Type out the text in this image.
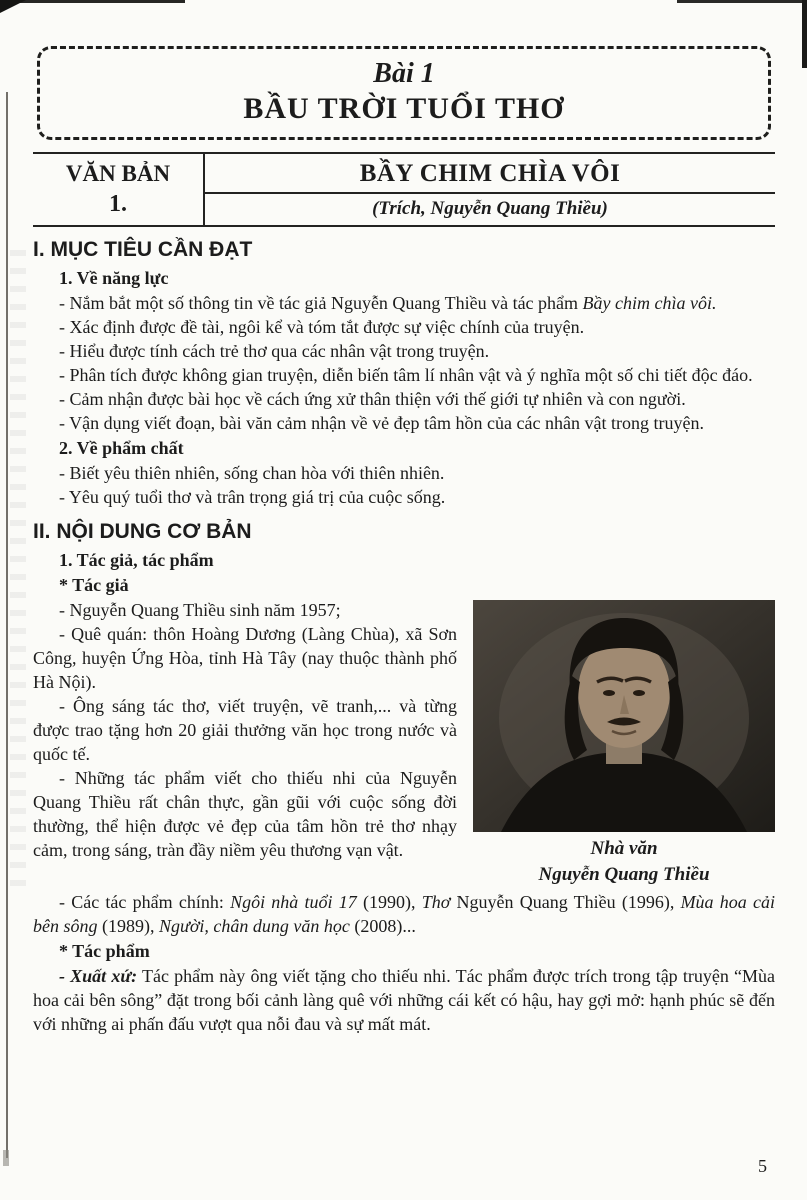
Bài 1
BẦU TRỜI TUỔI THƠ
VĂN BẢN
1.
BẦY CHIM CHÌA VÔI
(Trích, Nguyễn Quang Thiều)
I. MỤC TIÊU CẦN ĐẠT
1. Về năng lực

- Nắm bắt một số thông tin về tác giả Nguyễn Quang Thiều và tác phẩm Bầy chim chìa vôi.

- Xác định được đề tài, ngôi kể và tóm tắt được sự việc chính của truyện.

- Hiểu được tính cách trẻ thơ qua các nhân vật trong truyện.

- Phân tích được không gian truyện, diễn biến tâm lí nhân vật và ý nghĩa một số chi tiết độc đáo.

- Cảm nhận được bài học về cách ứng xử thân thiện với thế giới tự nhiên và con người.

- Vận dụng viết đoạn, bài văn cảm nhận về vẻ đẹp tâm hồn của các nhân vật trong truyện.

2. Về phẩm chất

- Biết yêu thiên nhiên, sống chan hòa với thiên nhiên.

- Yêu quý tuổi thơ và trân trọng giá trị của cuộc sống.

II. NỘI DUNG CƠ BẢN
1. Tác giả, tác phẩm
* Tác giả
Nhà văn
Nguyễn Quang Thiều

- Nguyễn Quang Thiều sinh năm 1957;

- Quê quán: thôn Hoàng Dương (Làng Chùa), xã Sơn Công, huyện Ứng Hòa, tỉnh Hà Tây (nay thuộc thành phố Hà Nội).

- Ông sáng tác thơ, viết truyện, vẽ tranh,... và từng được trao tặng hơn 20 giải thưởng văn học trong nước và quốc tế.

- Những tác phẩm viết cho thiếu nhi của Nguyễn Quang Thiều rất chân thực, gần gũi với cuộc sống đời thường, thể hiện được vẻ đẹp của tâm hồn trẻ thơ nhạy cảm, trong sáng, tràn đầy niềm yêu thương vạn vật.

- Các tác phẩm chính: Ngôi nhà tuổi 17 (1990), Thơ Nguyễn Quang Thiều (1996), Mùa hoa cải bên sông (1989), Người, chân dung văn học (2008)...

* Tác phẩm

- Xuất xứ: Tác phẩm này ông viết tặng cho thiếu nhi. Tác phẩm được trích trong tập truyện “Mùa hoa cải bên sông” đặt trong bối cảnh làng quê với những cái kết có hậu, hay gợi mở: hạnh phúc sẽ đến với những ai phấn đấu vượt qua nỗi đau và sự mất mát.

5
